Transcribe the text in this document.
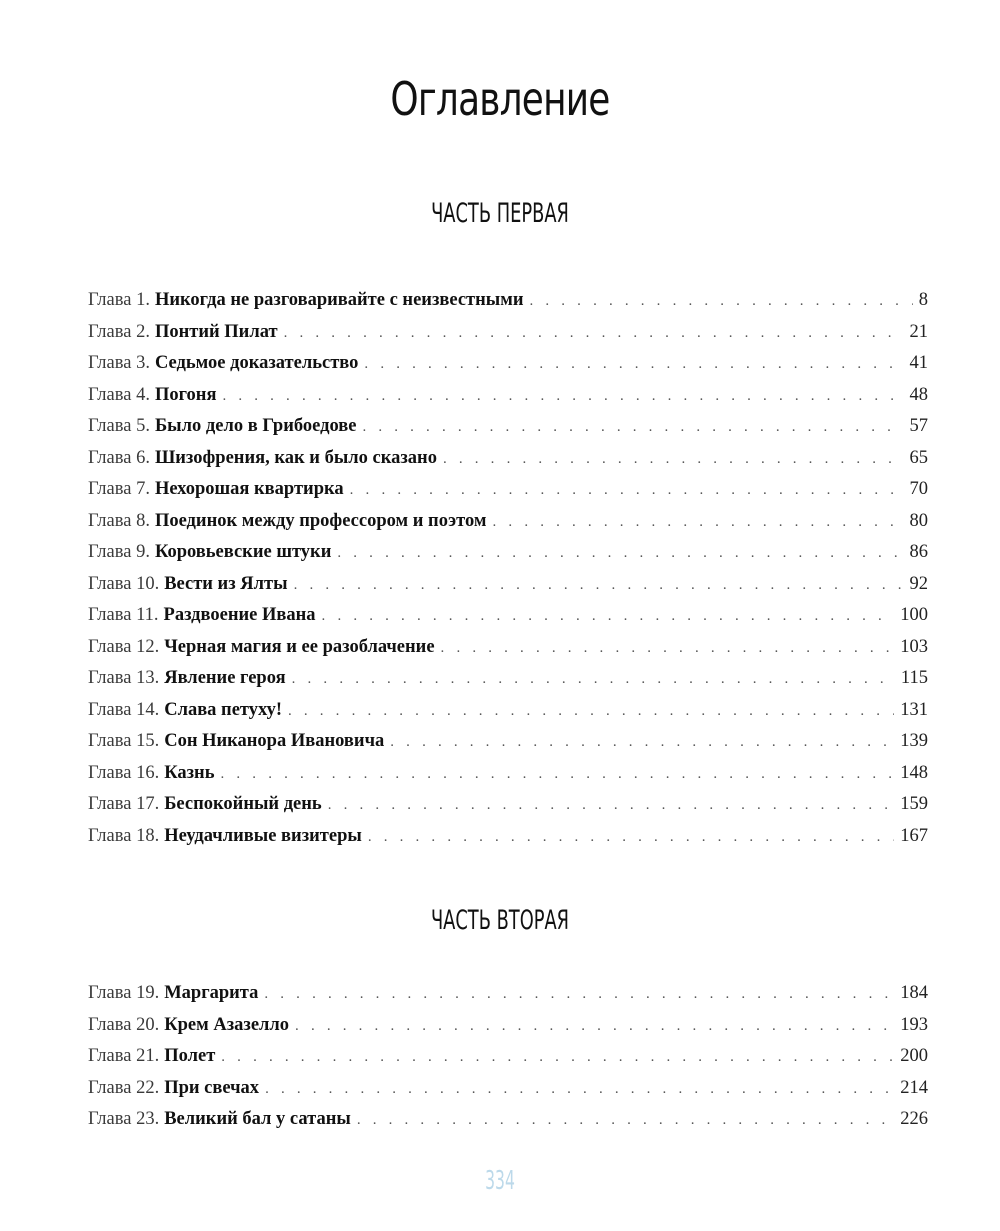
Оглавление
ЧАСТЬ ПЕРВАЯ
Глава 1. Никогда не разговаривайте с неизвестными . . .	8
Глава 2. Понтий Пилат . . .	21
Глава 3. Седьмое доказательство . . .	41
Глава 4. Погоня . . .	48
Глава 5. Было дело в Грибоедове . . .	57
Глава 6. Шизофрения, как и было сказано . . .	65
Глава 7. Нехорошая квартирка . . .	70
Глава 8. Поединок между профессором и поэтом . . .	80
Глава 9. Коровьевские штуки . . .	86
Глава 10. Вести из Ялты . . .	92
Глава 11. Раздвоение Ивана . . .	100
Глава 12. Черная магия и ее разоблачение . . .	103
Глава 13. Явление героя . . .	115
Глава 14. Слава петуху! . . .	131
Глава 15. Сон Никанора Ивановича . . .	139
Глава 16. Казнь . . .	148
Глава 17. Беспокойный день . . .	159
Глава 18. Неудачливые визитеры . . .	167
ЧАСТЬ ВТОРАЯ
Глава 19. Маргарита . . .	184
Глава 20. Крем Азазелло . . .	193
Глава 21. Полет . . .	200
Глава 22. При свечах . . .	214
Глава 23. Великий бал у сатаны . . .	226
334
